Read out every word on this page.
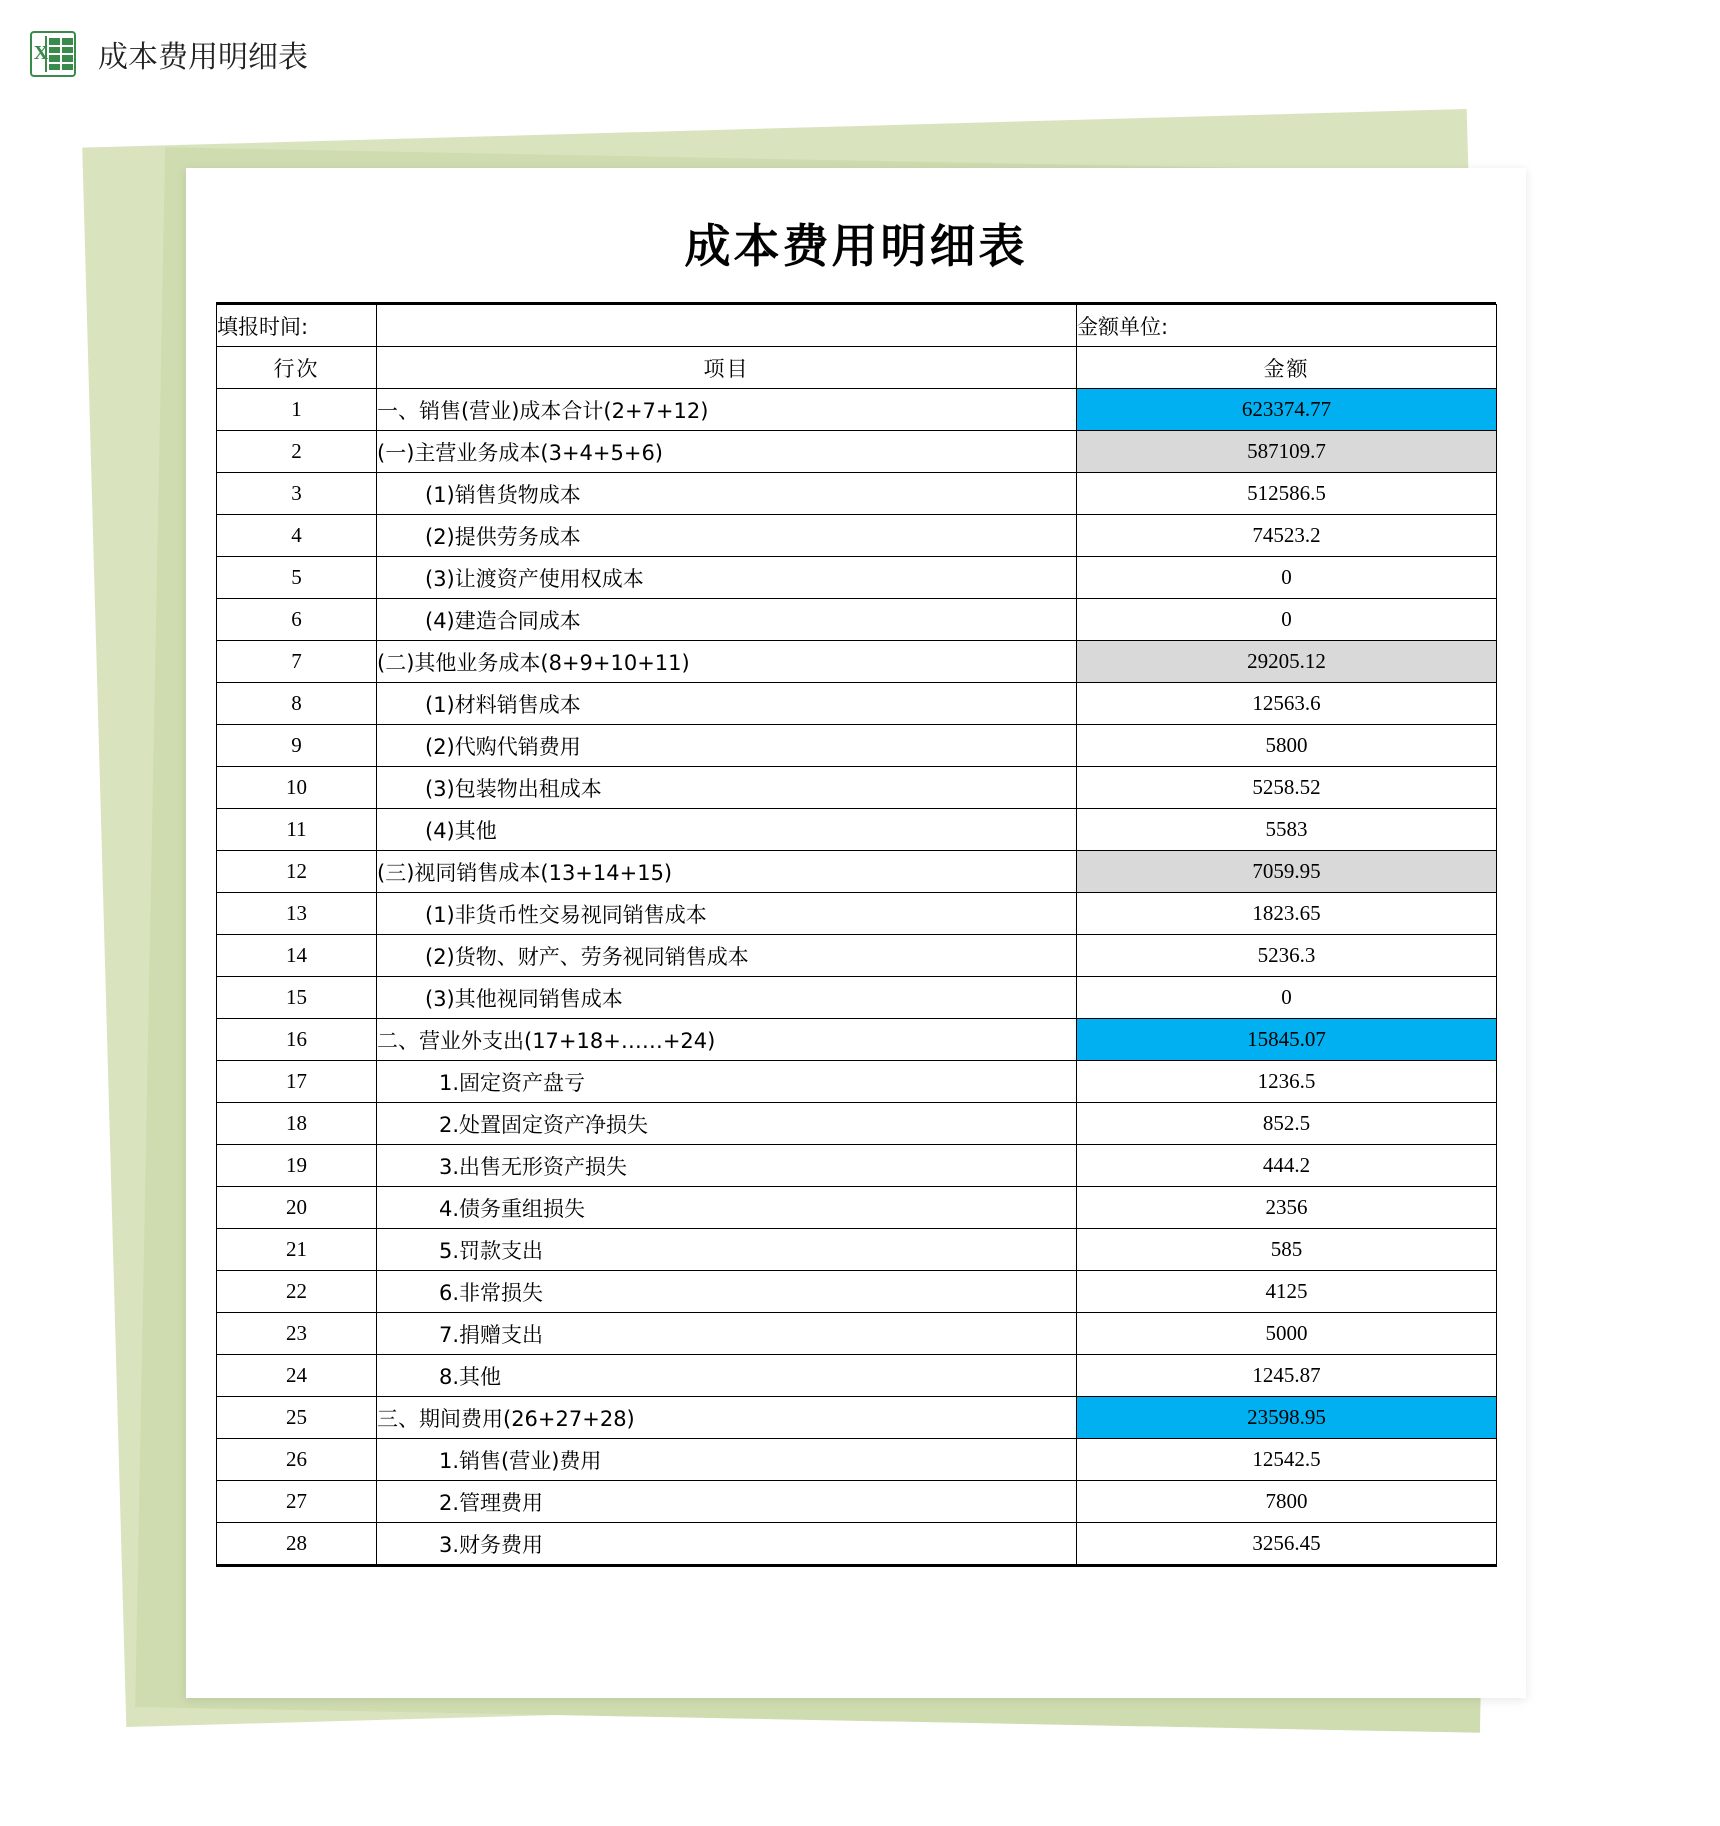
X 成本费用明细表
成本费用明细表
填报时间:		金额单位:
行次	项目	金额
1	一、销售(营业)成本合计(2+7+12)	623374.77
2	(一)主营业务成本(3+4+5+6)	587109.7
3	(1)销售货物成本	512586.5
4	(2)提供劳务成本	74523.2
5	(3)让渡资产使用权成本	0
6	(4)建造合同成本	0
7	(二)其他业务成本(8+9+10+11)	29205.12
8	(1)材料销售成本	12563.6
9	(2)代购代销费用	5800
10	(3)包装物出租成本	5258.52
11	(4)其他	5583
12	(三)视同销售成本(13+14+15)	7059.95
13	(1)非货币性交易视同销售成本	1823.65
14	(2)货物、财产、劳务视同销售成本	5236.3
15	(3)其他视同销售成本	0
16	二、营业外支出(17+18+……+24)	15845.07
17	1.固定资产盘亏	1236.5
18	2.处置固定资产净损失	852.5
19	3.出售无形资产损失	444.2
20	4.债务重组损失	2356
21	5.罚款支出	585
22	6.非常损失	4125
23	7.捐赠支出	5000
24	8.其他	1245.87
25	三、期间费用(26+27+28)	23598.95
26	1.销售(营业)费用	12542.5
27	2.管理费用	7800
28	3.财务费用	3256.45
